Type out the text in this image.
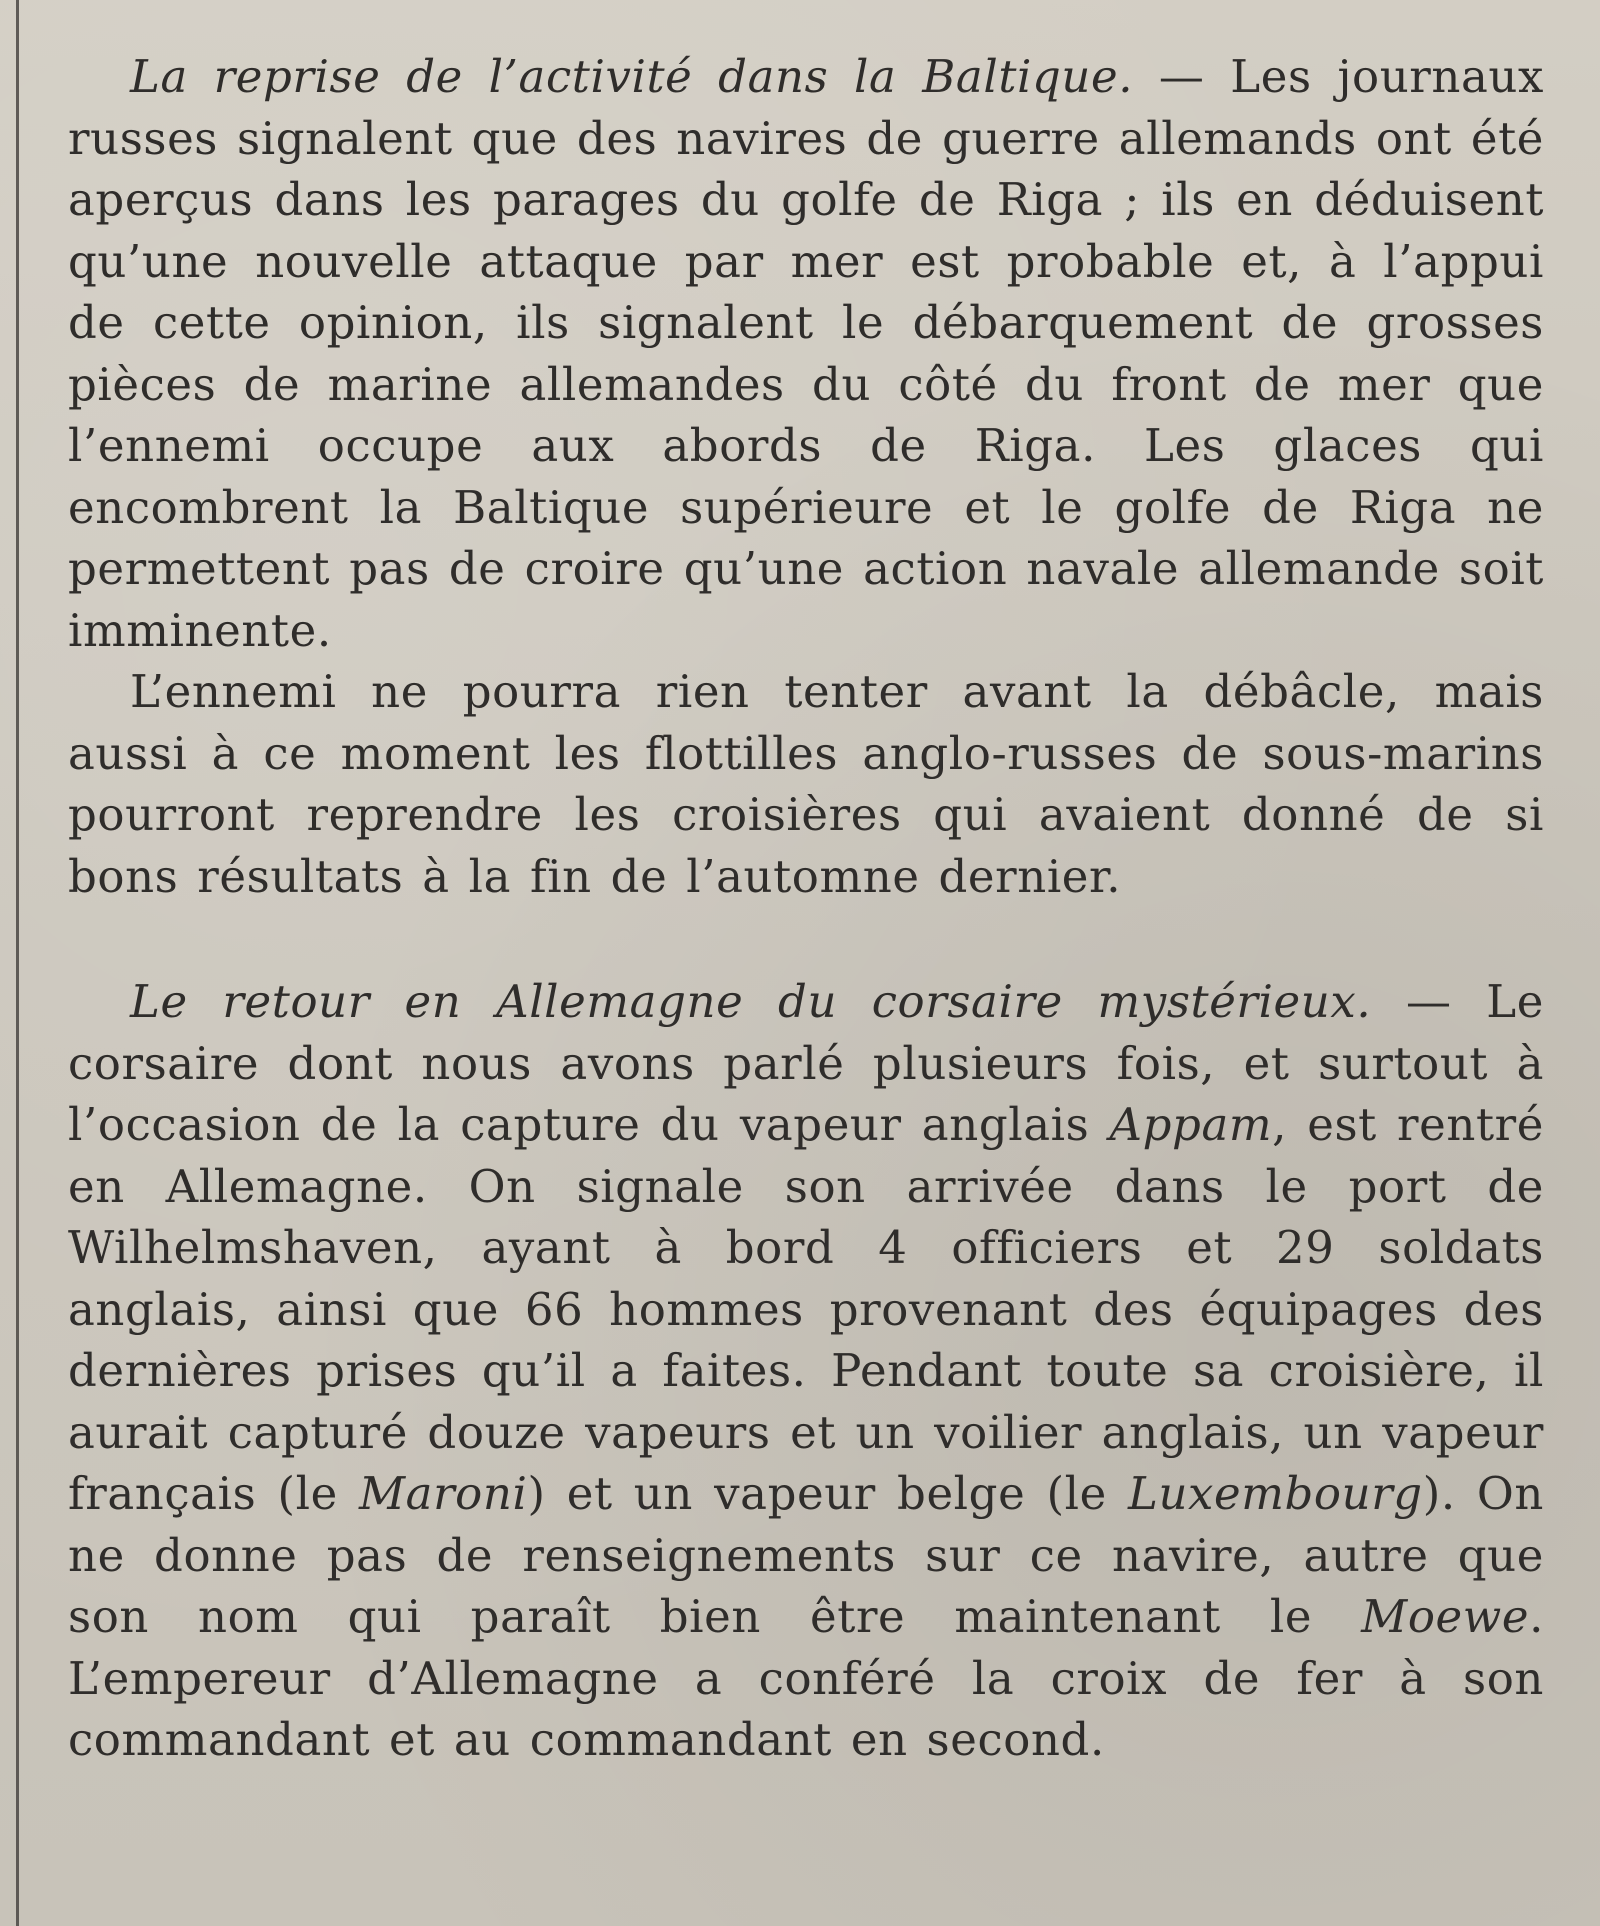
La reprise de l’activité dans la Baltique. — Les journaux russes signalent que des navires de guerre allemands ont été aperçus dans les parages du golfe de Riga ; ils en déduisent qu’une nouvelle attaque par mer est probable et, à l’appui de cette opinion, ils signalent le débarquement de grosses pièces de marine allemandes du côté du front de mer que l’ennemi occupe aux abords de Riga. Les glaces qui encombrent la Baltique supérieure et le golfe de Riga ne permettent pas de croire qu’une action navale allemande soit imminente.

L’ennemi ne pourra rien tenter avant la débâcle, mais aussi à ce moment les flottilles anglo-russes de sous-marins pourront reprendre les croisières qui avaient donné de si bons résultats à la fin de l’automne dernier.

Le retour en Allemagne du corsaire mystérieux. — Le corsaire dont nous avons parlé plusieurs fois, et surtout à l’occasion de la capture du vapeur anglais Appam, est rentré en Allemagne. On signale son arrivée dans le port de Wilhelmshaven, ayant à bord 4 officiers et 29 soldats anglais, ainsi que 66 hommes provenant des équipages des dernières prises qu’il a faites. Pendant toute sa croisière, il aurait capturé douze vapeurs et un voilier anglais, un vapeur français (le Maroni) et un vapeur belge (le Luxembourg). On ne donne pas de renseignements sur ce navire, autre que son nom qui paraît bien être maintenant le Moewe. L’empereur d’Allemagne a conféré la croix de fer à son commandant et au commandant en second.
